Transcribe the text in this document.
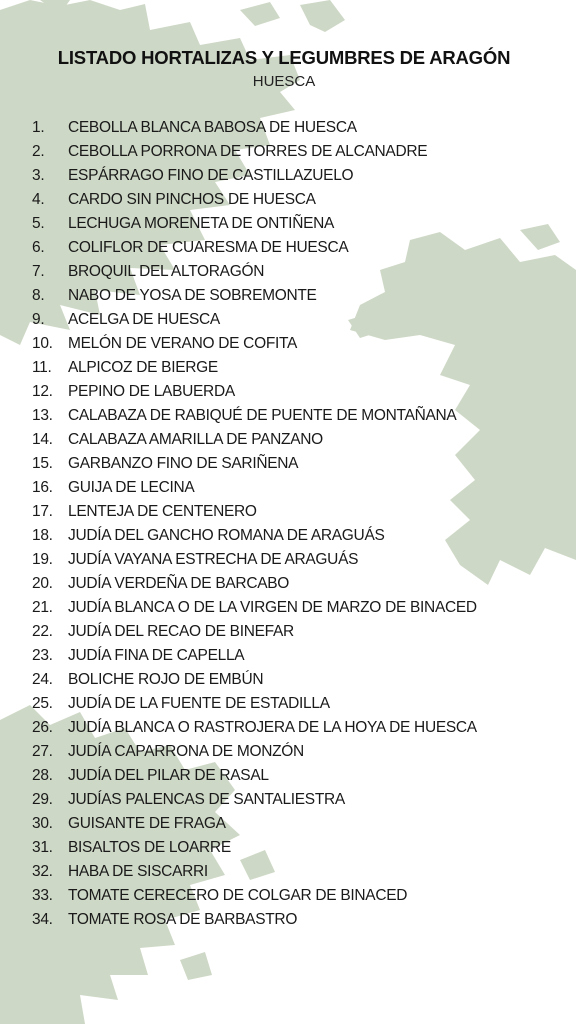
LISTADO HORTALIZAS Y LEGUMBRES DE ARAGÓN
HUESCA
1. CEBOLLA BLANCA BABOSA DE HUESCA
2. CEBOLLA PORRONA DE TORRES DE ALCANADRE
3. ESPÁRRAGO FINO DE CASTILLAZUELO
4. CARDO SIN PINCHOS DE HUESCA
5. LECHUGA MORENETA DE ONTIÑENA
6. COLIFLOR DE CUARESMA DE HUESCA
7. BROQUIL DEL ALTORAGÓN
8. NABO DE YOSA DE SOBREMONTE
9. ACELGA DE HUESCA
10. MELÓN DE VERANO DE COFITA
11. ALPICOZ DE BIERGE
12. PEPINO DE LABUERDA
13. CALABAZA DE RABIQUÉ DE PUENTE DE MONTAÑANA
14. CALABAZA AMARILLA DE PANZANO
15. GARBANZO FINO DE SARIÑENA
16. GUIJA DE LECINA
17. LENTEJA DE CENTENERO
18. JUDÍA DEL GANCHO ROMANA DE ARAGUÁS
19. JUDÍA VAYANA ESTRECHA DE ARAGUÁS
20. JUDÍA VERDEÑA DE BARCABO
21. JUDÍA BLANCA O DE LA VIRGEN DE MARZO DE BINACED
22. JUDÍA DEL RECAO DE BINEFAR
23. JUDÍA FINA DE CAPELLA
24. BOLICHE ROJO DE EMBÚN
25. JUDÍA DE LA FUENTE DE ESTADILLA
26. JUDÍA BLANCA O RASTROJERA DE LA HOYA DE HUESCA
27. JUDÍA CAPARRONA DE MONZÓN
28. JUDÍA DEL PILAR DE RASAL
29. JUDÍAS PALENCAS DE SANTALIESTRA
30. GUISANTE DE FRAGA
31. BISALTOS DE LOARRE
32. HABA DE SISCARRI
33. TOMATE CERECERO DE COLGAR DE BINACED
34. TOMATE ROSA DE BARBASTRO
